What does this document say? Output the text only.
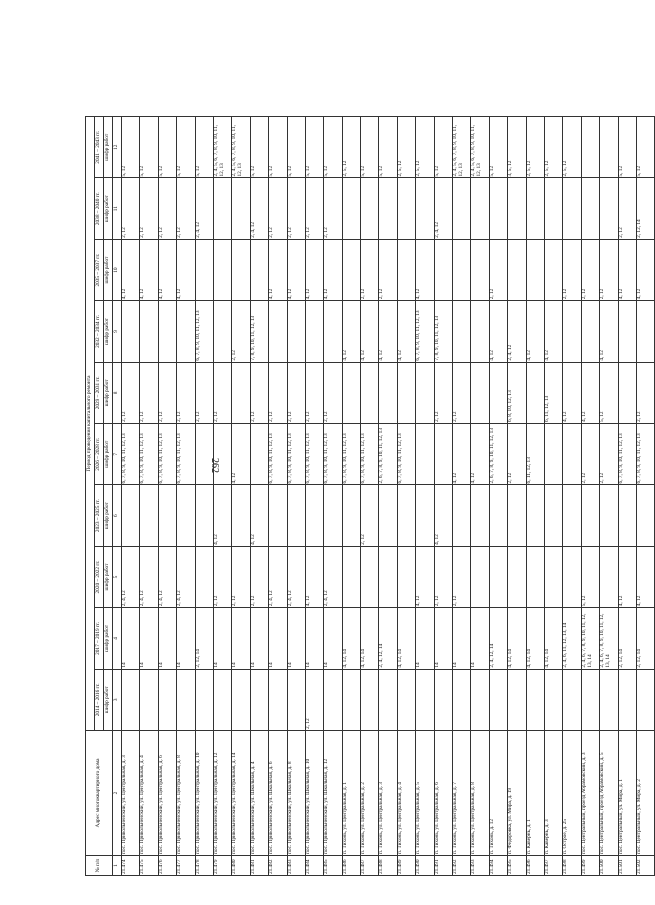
262
№ п/п	Адрес многоквартирного дома	Период проведения капитального ремонта									
		2014 – 2016 гг.	2017 – 2019 гг.	2020 – 2022 гг.	2023 – 2025 гг.	2026 – 2028 гг.	2029 – 2031 гг.	2032 – 2034 гг.	2035 – 2037 гг.	2038 – 2040 гг.	2041 – 2043 гг.
		шифр работ	шифр работ	шифр работ	шифр работ	шифр работ	шифр работ	шифр работ	шифр работ	шифр работ	шифр работ
1	2	3	4	5	6	7	8	9	10	11	12
21.474	пос. Привольненский, ул. Центральная, д. 3		14	2, 4, 12		6, 7, 8, 9, 10, 11, 12, 13	2, 12		4, 12	2, 12	5, 12
21.475	пос. Привольненский, ул. Центральная, д. 4		14	2, 4, 12		6, 7, 8, 9, 10, 11, 12, 13	2, 12		4, 12	2, 12	5, 12
21.476	пос. Привольненский, ул. Центральная, д. 6		14	2, 4, 12		6, 7, 8, 9, 10, 11, 12, 13	2, 12		4, 12	2, 12	5, 12
21.477	пос. Привольненский, ул. Центральная, д. 8		14	2, 4, 12		6, 7, 8, 9, 10, 11, 12, 13	2, 12		4, 12	2, 12	5, 12
21.478	пос. Привольненский, ул. Центральная, д. 10		2, 12, 14				2, 12	6, 7, 8, 9, 10, 11, 12, 13		2, 4, 12	5, 12
21.479	пос. Привольненский, ул. Центральная, д. 12		14	2, 12	4, 12		2, 12				2, 4, 5, 6, 7, 8, 9, 10, 11, 12, 13
21.480	пос. Привольненский, ул. Центральная, д. 14		14	2, 12		4, 12		2, 12			2, 4, 5, 6, 7, 8, 9, 10, 11, 12, 13
21.481	пос. Привольненский, ул. Школьная, д. 4		14	2, 12	4, 12		2, 12	7, 8, 9, 10, 11, 12, 13		2, 4, 12	5, 12
21.482	пос. Привольненский, ул. Школьная, д. 6		14	2, 4, 12		6, 7, 8, 9, 10, 11, 12, 13	2, 12		4, 12	2, 12	5, 12
21.483	пос. Привольненский, ул. Школьная, д. 8		14	2, 4, 12		6, 7, 8, 9, 10, 11, 12, 13	2, 12		4, 12	2, 12	5, 12
21.484	пос. Привольненский, ул. Школьная, д. 10	2, 12	14	4, 12		6, 7, 8, 9, 10, 11, 12, 13	2, 12		4, 12	2, 12	5, 12
21.485	пос. Привольненский, ул. Школьная, д. 12		14	2, 4, 12		6, 7, 8, 9, 10, 11, 12, 13	2, 12		4, 12	2, 12	5, 12
21.486	п. Тихонь, ул. Центральная, д. 1		4, 12, 14			6, 7, 8, 9, 10, 11, 12, 13		4, 12			2, 5, 12
21.487	п. Тихонь, ул. Центральная, д. 2		4, 12, 14		2, 12	6, 7, 8, 9, 10, 11, 12, 13		4, 12	2, 12		5, 12
21.488	п. Тихонь, ул. Центральная, д. 3		2, 4, 12, 14			2, 6, 7, 8, 9, 10, 11, 12, 13		4, 12	2, 12		5, 12
21.489	п. Тихонь, ул. Центральная, д. 4		4, 12, 14			6, 7, 8, 9, 10, 11, 12, 13		4, 12			2, 5, 12
21.490	п. Тихонь, ул. Центральная, д. 5		14	4, 12				6, 7, 8, 9, 10, 11, 12, 13	4, 12		2, 5, 12
21.491	п. Тихонь, ул. Центральная, д. 6		14	2, 12	4, 12		2, 12	7, 8, 9, 10, 11, 12, 13		2, 4, 12	5, 12
21.492	п. Тихонь, ул. Центральная, д. 7		14	2, 12		4, 12	2, 12				2, 4, 5, 6, 7, 8, 9, 10, 11, 12, 13
21.493	п. Тихонь, ул. Центральная, д. 8		14			4, 12					2, 4, 5, 6, 7, 8, 9, 10, 11, 12, 13
21.494	п. Тихонь, д. 12		2, 4, 12, 14			2, 6, 7, 8, 9, 10, 11, 12, 13		4, 12	2, 12		5, 12
21.495	п. Федоровка, ул. Мира, д. 19		4, 12, 14			2, 12	6, 8, 10, 12, 13	2, 4, 12			3, 5, 12
21.496	п. Кавернь, д. 1		4, 12, 14			6, 11, 12, 13		4, 12			2, 5, 12
21.497	п. Кавернь, д. 3		4, 12, 14				6, 11, 12, 13	4, 12			2, 5, 12
21.498	п. Острое, д. 25		2, 4, 6, 11, 12, 13, 14				4, 12		2, 12		2, 5, 12
21.499	пос. Центральный, проезд Абрамовский, д. 3		2, 4, 6, 7, 8, 9, 10, 11, 12, 13, 14	5, 12		2, 12	4, 12		2, 12		
21.500	пос. Центральный, проезд Абрамовский, д. 5		2, 4, 6, 7, 8, 9, 10, 11, 12, 13, 14			2, 12	5, 12	4, 12	2, 12		
21.501	пос. Центральный, ул. Мира, д. 1		2, 12, 14	4, 12		6, 7, 8, 9, 10, 11, 12, 13			4, 12	2, 12	5, 12
21.502	пос. Центральный, ул. Мира, д. 2		2, 12, 14	4, 12		6, 7, 8, 9, 10, 11, 12, 13	2, 12		4, 12	2, 12, 14	5, 12
